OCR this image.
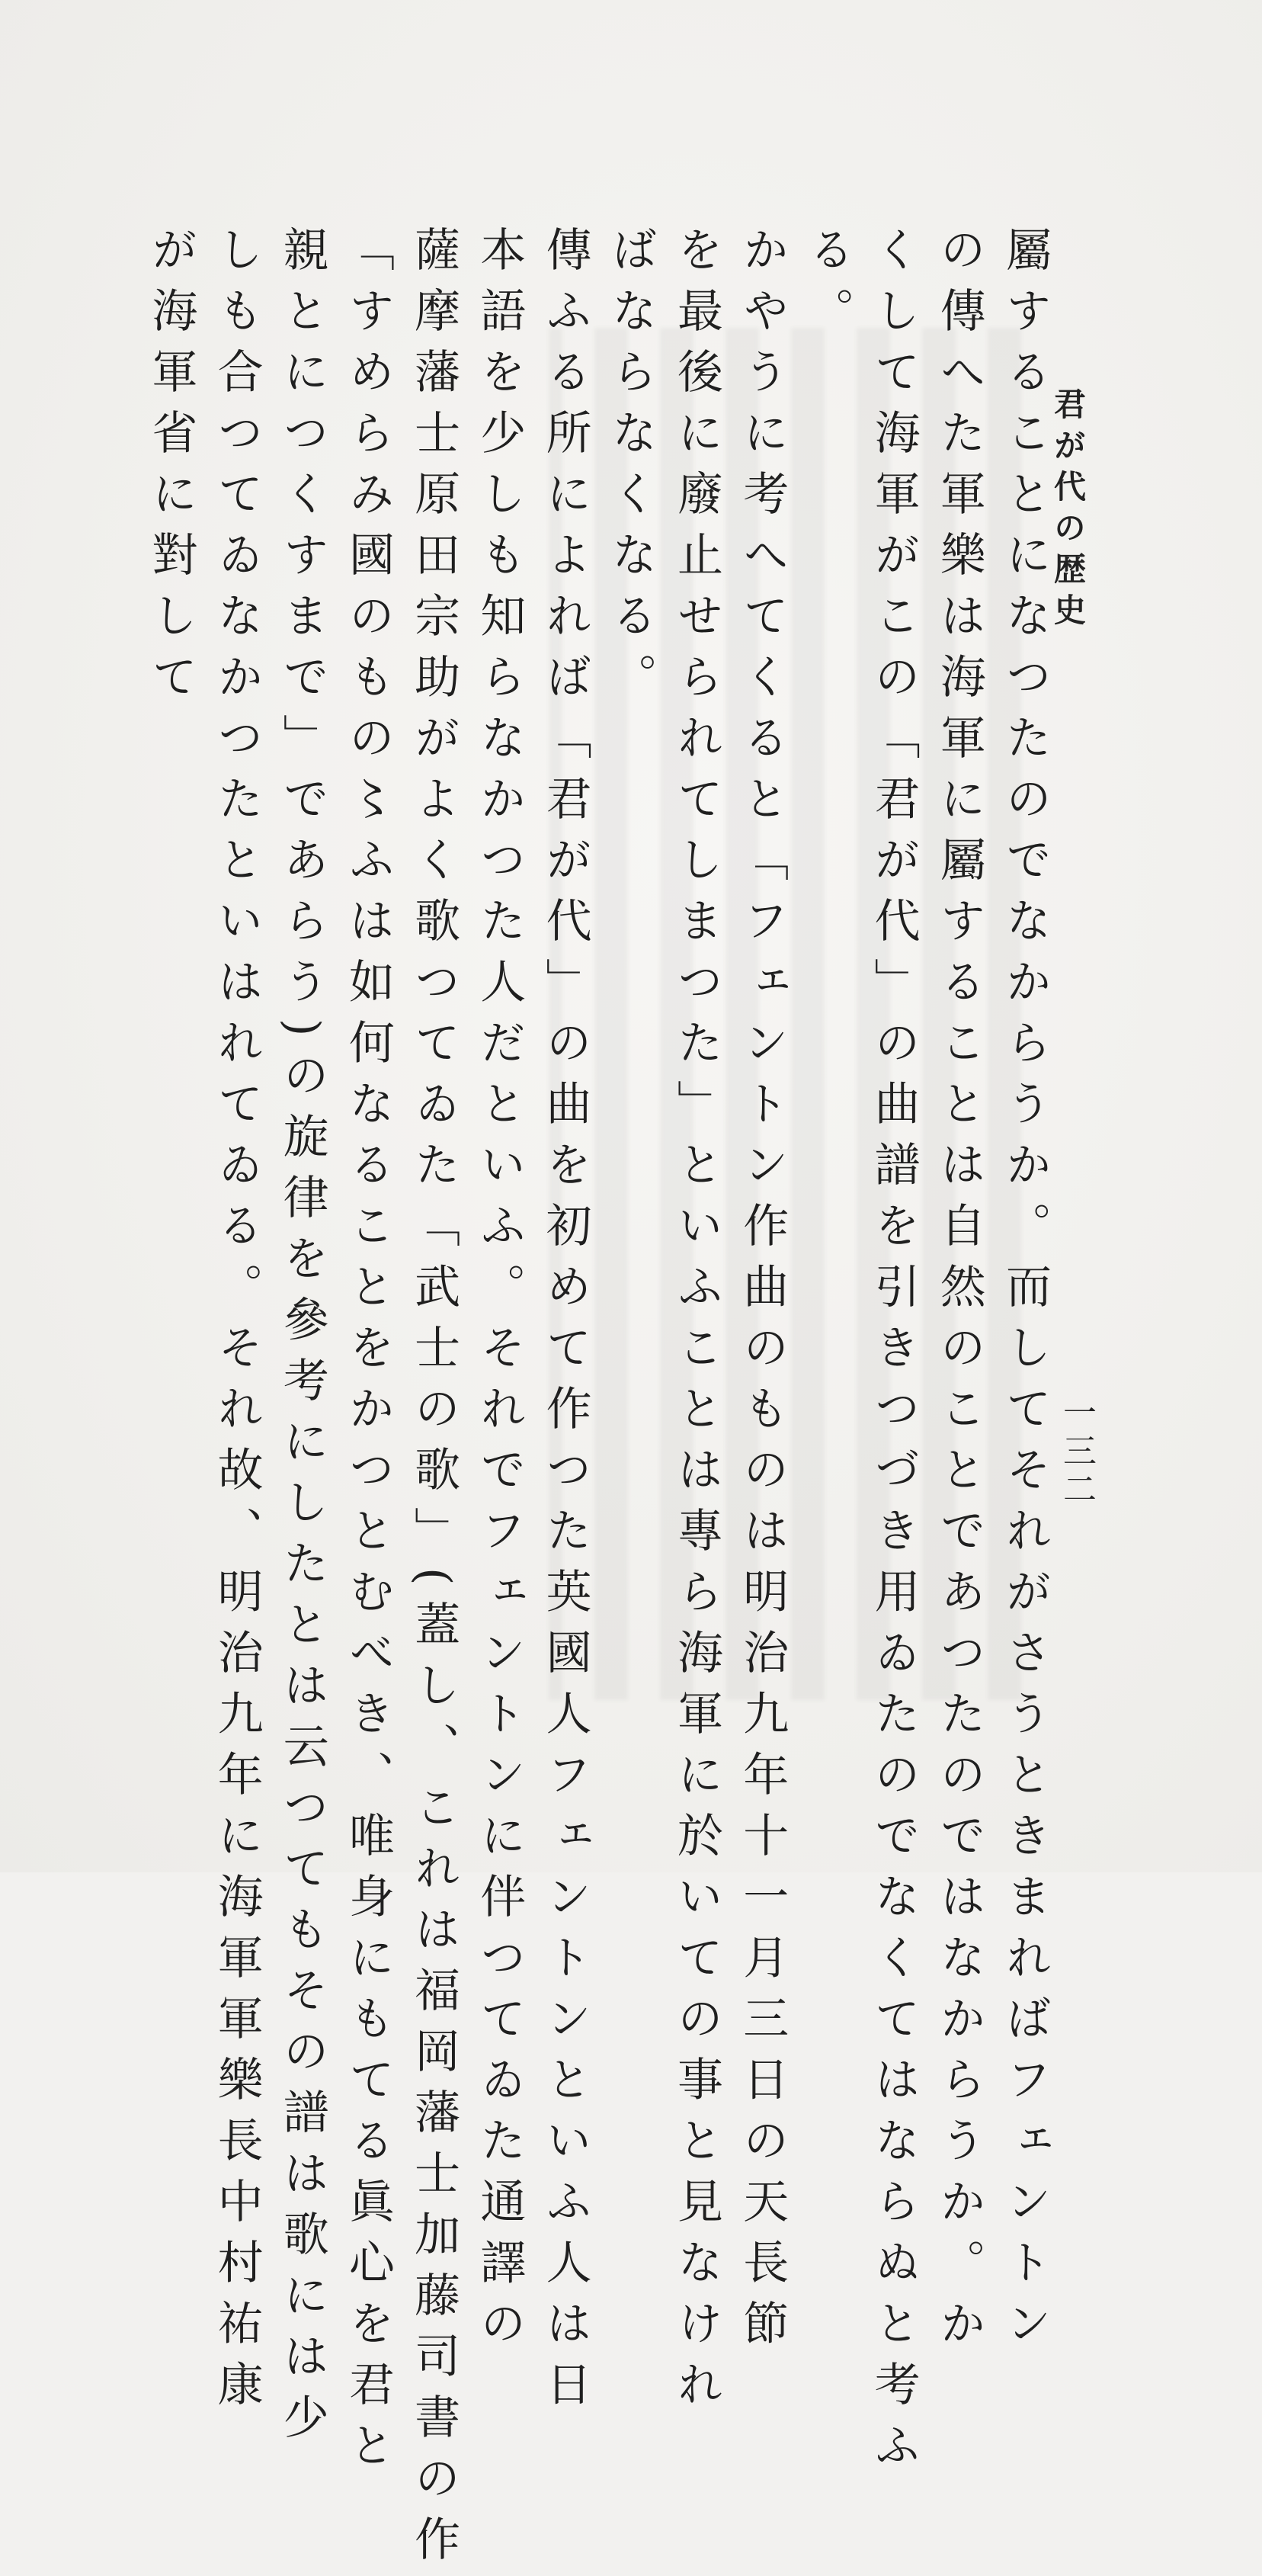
君が代の歴史
一三二
屬することになつたのでなからうか。而してそれがさうときまればフェントン
の傳へた軍樂は海軍に屬することは自然のことであつたのではなからうか。か
くして海軍がこの「君が代」の曲譜を引きつづき用ゐたのでなくてはならぬと考ふ
る。
かやうに考へてくると「フェントン作曲のものは明治九年十一月三日の天長節
を最後に廢止せられてしまつた」といふことは專ら海軍に於いての事と見なけれ
ばならなくなる。
傳ふる所によれば「君が代」の曲を初めて作つた英國人フェントンといふ人は日
本語を少しも知らなかつた人だといふ。それでフェントンに伴つてゐた通譯の
薩摩藩士原田宗助がよく歌つてゐた「武士の歌」(蓋し、これは福岡藩士加藤司書の作
「すめらみ國のもの〻ふは如何なることをかつとむべき、唯身にもてる眞心を君と
親とにつくすまで」であらう)の旋律を參考にしたとは云つてもその譜は歌には少
しも合つてゐなかつたといはれてゐる。それ故、明治九年に海軍軍樂長中村祐康
が海軍省に對して
